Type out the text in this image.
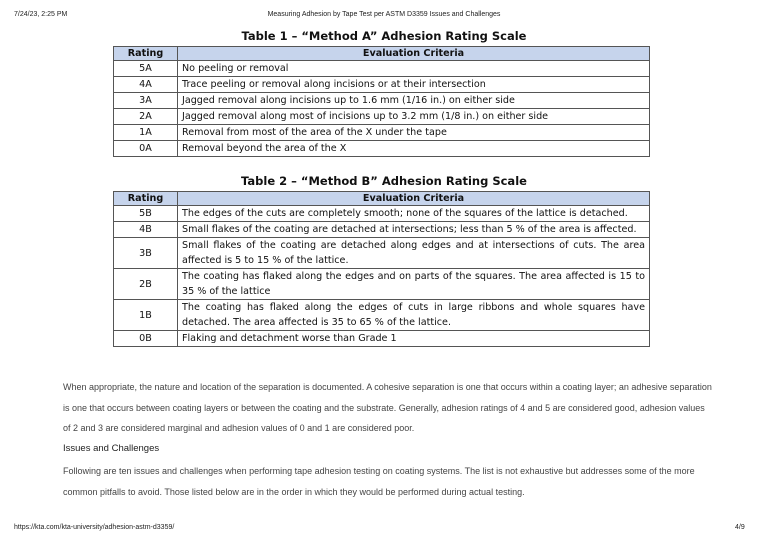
7/24/23, 2:25 PM	Measuring Adhesion by Tape Test per ASTM D3359 Issues and Challenges
Table 1 – “Method A” Adhesion Rating Scale
Rating	Evaluation Criteria
5A	No peeling or removal
4A	Trace peeling or removal along incisions or at their intersection
3A	Jagged removal along incisions up to 1.6 mm (1/16 in.) on either side
2A	Jagged removal along most of incisions up to 3.2 mm (1/8 in.) on either side
1A	Removal from most of the area of the X under the tape
0A	Removal beyond the area of the X
Table 2 – “Method B” Adhesion Rating Scale
Rating	Evaluation Criteria
5B	The edges of the cuts are completely smooth; none of the squares of the lattice is detached.
4B	Small flakes of the coating are detached at intersections; less than 5 % of the area is affected.
3B	Small flakes of the coating are detached along edges and at intersections of cuts. The area affected is 5 to 15 % of the lattice.
2B	The coating has flaked along the edges and on parts of the squares. The area affected is 15 to 35 % of the lattice
1B	The coating has flaked along the edges of cuts in large ribbons and whole squares have detached. The area affected is 35 to 65 % of the lattice.
0B	Flaking and detachment worse than Grade 1
When appropriate, the nature and location of the separation is documented. A cohesive separation is one that occurs within a coating layer; an adhesive separation is one that occurs between coating layers or between the coating and the substrate. Generally, adhesion ratings of 4 and 5 are considered good, adhesion values of 2 and 3 are considered marginal and adhesion values of 0 and 1 are considered poor.
Issues and Challenges
Following are ten issues and challenges when performing tape adhesion testing on coating systems. The list is not exhaustive but addresses some of the more common pitfalls to avoid. Those listed below are in the order in which they would be performed during actual testing.
https://kta.com/kta-university/adhesion-astm-d3359/	4/9
